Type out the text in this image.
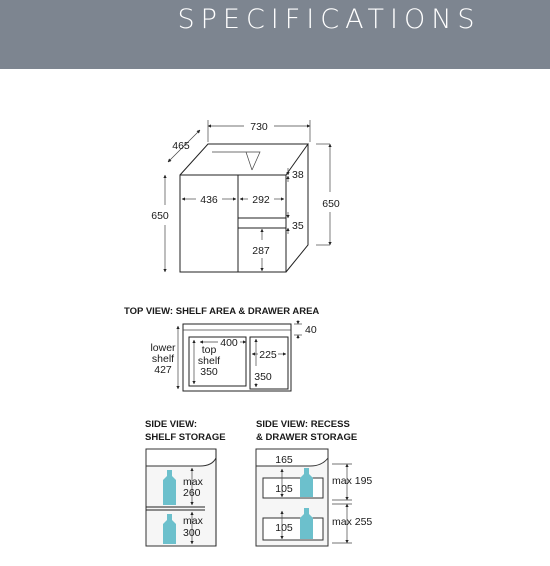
SPECIFICATIONS
730
465
650
650
436	292
38
35
287
TOP VIEW: SHELF AREA & DRAWER AREA
40
400
lower
shelf
427
top
shelf
350
225
350
SIDE VIEW:
SHELF STORAGE
max
260
max
300
SIDE VIEW: RECESS
& DRAWER STORAGE
165
105
105
max 195
max 255
